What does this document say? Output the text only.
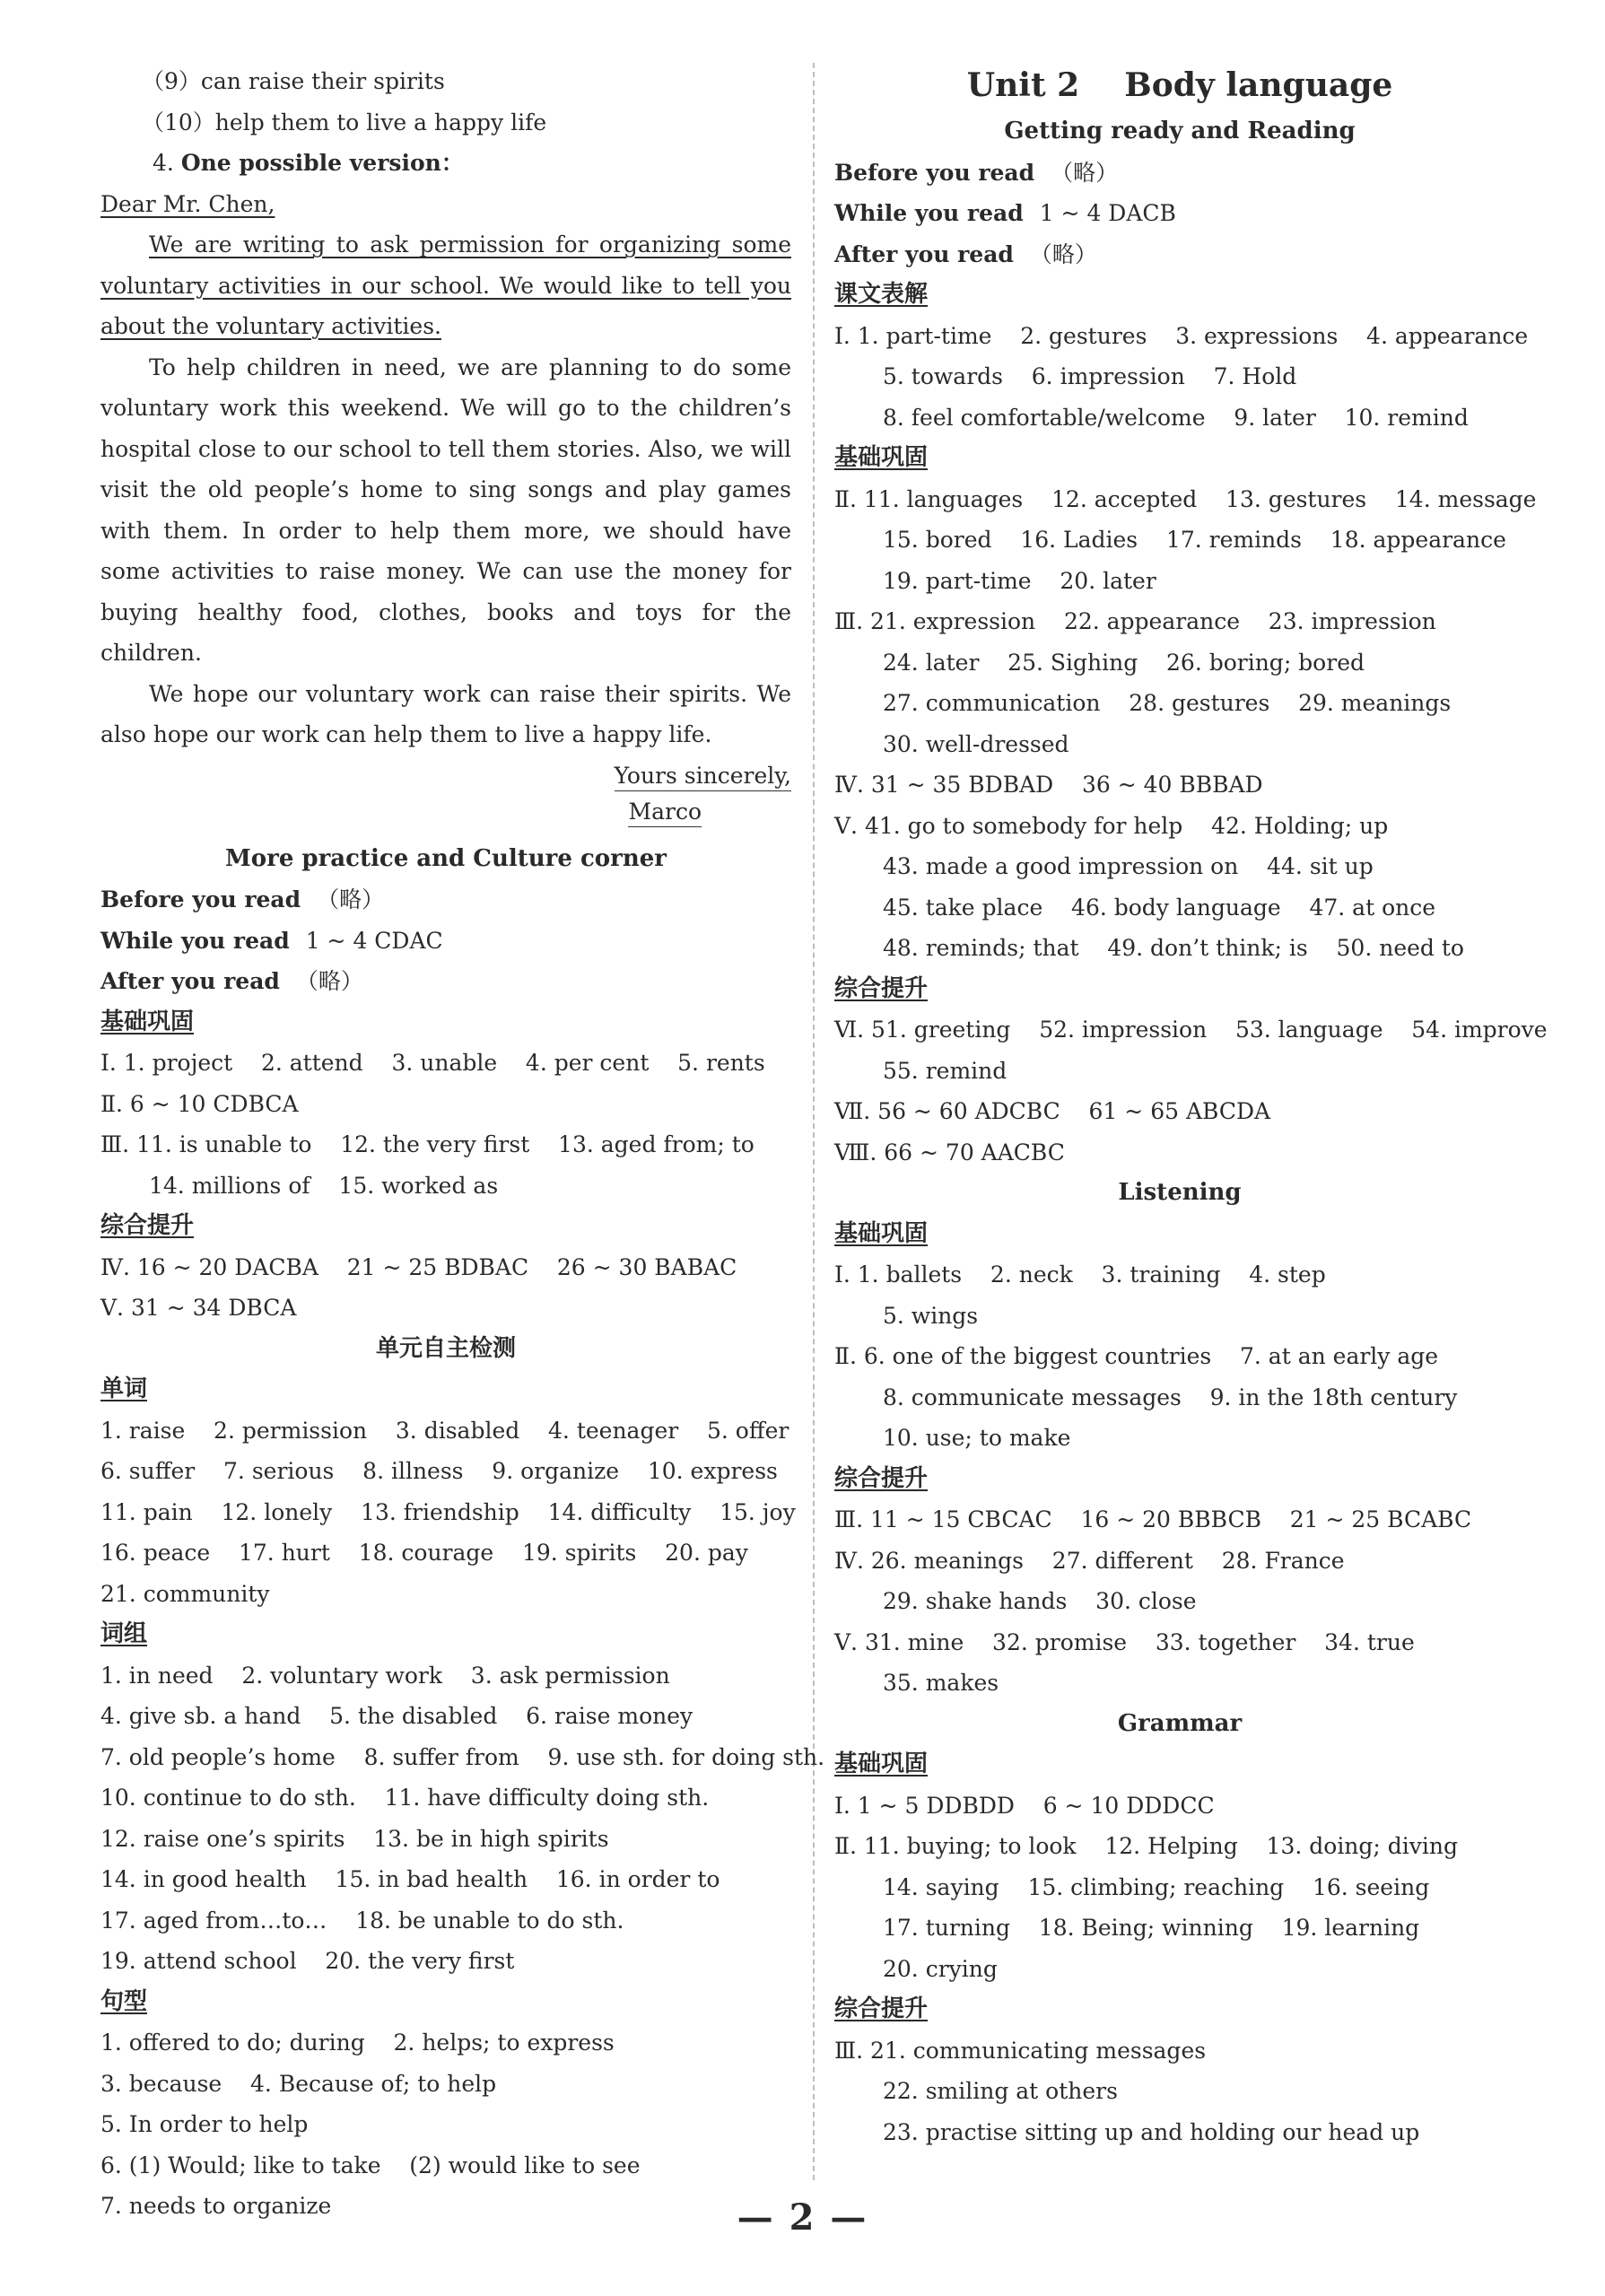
（9）can raise their spirits
（10）help them to live a happy life
4. One possible version：

Dear Mr. Chen,

We are writing to ask permission for organizing some voluntary activities in our school. We would like to tell you about the voluntary activities.

To help children in need, we are planning to do some voluntary work this weekend. We will go to the children’s hospital close to our school to tell them stories. Also, we will visit the old people’s home to sing songs and play games with them. In order to help them more, we should have some activities to raise money. We can use the money for buying healthy food, clothes, books and toys for the children.

We hope our voluntary work can raise their spirits. We also hope our work can help them to live a happy life.

Yours sincerely,
Marco
More practice and Culture corner
Before you read （略）
While you read 1 ~ 4 CDAC
After you read （略）
基础巩固
Ⅰ. 1. project    2. attend    3. unable    4. per cent    5. rents
Ⅱ. 6 ~ 10 CDBCA
Ⅲ. 11. is unable to    12. the very first    13. aged from; to
14. millions of    15. worked as
综合提升
Ⅳ. 16 ~ 20 DACBA    21 ~ 25 BDBAC    26 ~ 30 BABAC
Ⅴ. 31 ~ 34 DBCA
单元自主检测
单词
1. raise    2. permission    3. disabled    4. teenager    5. offer
6. suffer    7. serious    8. illness    9. organize    10. express
11. pain    12. lonely    13. friendship    14. difficulty    15. joy
16. peace    17. hurt    18. courage    19. spirits    20. pay
21. community
词组
1. in need    2. voluntary work    3. ask permission
4. give sb. a hand    5. the disabled    6. raise money
7. old people’s home    8. suffer from    9. use sth. for doing sth.
10. continue to do sth.    11. have difficulty doing sth.
12. raise one’s spirits    13. be in high spirits
14. in good health    15. in bad health    16. in order to
17. aged from…to…    18. be unable to do sth.
19. attend school    20. the very first
句型
1. offered to do; during    2. helps; to express
3. because    4. Because of; to help
5. In order to help
6. (1) Would; like to take    (2) would like to see
7. needs to organize
Unit 2    Body language
Getting ready and Reading
Before you read （略）
While you read 1 ~ 4 DACB
After you read （略）
课文表解
Ⅰ. 1. part-time    2. gestures    3. expressions    4. appearance
5. towards    6. impression    7. Hold
8. feel comfortable/welcome    9. later    10. remind
基础巩固
Ⅱ. 11. languages    12. accepted    13. gestures    14. message
15. bored    16. Ladies    17. reminds    18. appearance
19. part-time    20. later
Ⅲ. 21. expression    22. appearance    23. impression
24. later    25. Sighing    26. boring; bored
27. communication    28. gestures    29. meanings
30. well-dressed
Ⅳ. 31 ~ 35 BDBAD    36 ~ 40 BBBAD
Ⅴ. 41. go to somebody for help    42. Holding; up
43. made a good impression on    44. sit up
45. take place    46. body language    47. at once
48. reminds; that    49. don’t think; is    50. need to
综合提升
Ⅵ. 51. greeting    52. impression    53. language    54. improve
55. remind
Ⅶ. 56 ~ 60 ADCBC    61 ~ 65 ABCDA
Ⅷ. 66 ~ 70 AACBC
Listening
基础巩固
Ⅰ. 1. ballets    2. neck    3. training    4. step
5. wings
Ⅱ. 6. one of the biggest countries    7. at an early age
8. communicate messages    9. in the 18th century
10. use; to make
综合提升
Ⅲ. 11 ~ 15 CBCAC    16 ~ 20 BBBCB    21 ~ 25 BCABC
Ⅳ. 26. meanings    27. different    28. France
29. shake hands    30. close
Ⅴ. 31. mine    32. promise    33. together    34. true
35. makes
Grammar
基础巩固
Ⅰ. 1 ~ 5 DDBDD    6 ~ 10 DDDCC
Ⅱ. 11. buying; to look    12. Helping    13. doing; diving
14. saying    15. climbing; reaching    16. seeing
17. turning    18. Being; winning    19. learning
20. crying
综合提升
Ⅲ. 21. communicating messages
22. smiling at others
23. practise sitting up and holding our head up
— 2 —
